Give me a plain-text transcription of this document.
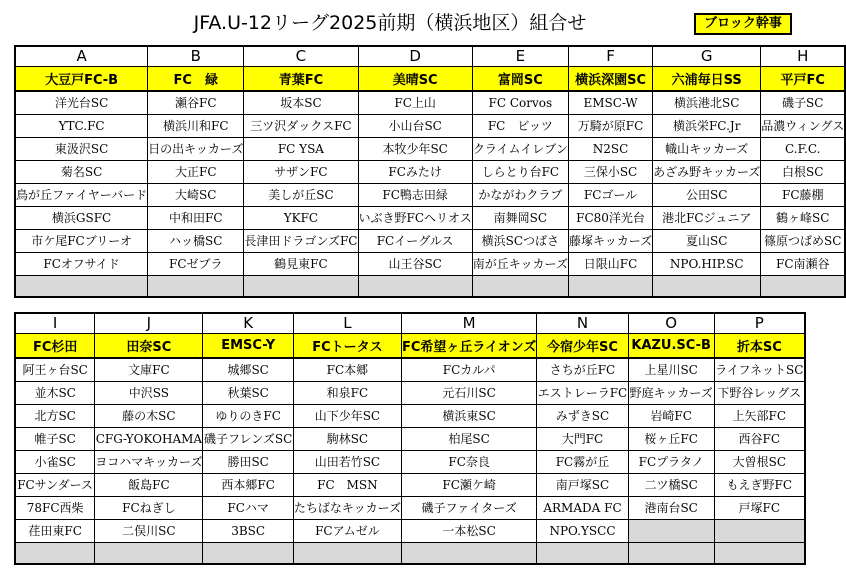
JFA.U-12リーグ2025前期（横浜地区）組合せ	ブロック幹事
A	B	C	D	E	F	G	H
大豆戸FC-B	FC　緑	青葉FC	美晴SC	富岡SC	横浜深園SC	六浦毎日SS	平戸FC
洋光台SC	瀬谷FC	坂本SC	FC上山	FC Corvos	EMSC-W	横浜港北SC	磯子SC
YTC.FC	横浜川和FC	三ツ沢ダックスFC	小山台SC	FC　ビッツ	万騎が原FC	横浜栄FC.Jr	品濃ウィングス
東汲沢SC	日の出キッカーズ	FC YSA	本牧少年SC	クライムイレブン	N2SC	幟山キッカーズ	C.F.C.
菊名SC	大正FC	サザンFC	FCみたけ	しらとり台FC	三保小SC	あざみ野キッカーズ	白根SC
鳥が丘ファイヤーバード	大崎SC	美しが丘SC	FC鴨志田緑	かながわクラブ	FCゴール	公田SC	FC藤棚
横浜GSFC	中和田FC	YKFC	いぶき野FCヘリオス	南舞岡SC	FC80洋光台	港北FCジュニア	鶴ヶ峰SC
市ケ尾FCブリーオ	ハッ橋SC	長津田ドラゴンズFC	FCイーグルス	横浜SCつばさ	藤塚キッカーズ	夏山SC	篠原つばめSC
FCオフサイド	FCゼブラ	鶴見東FC	山王谷SC	南が丘キッカーズ	日限山FC	NPO.HIP.SC	FC南瀬谷

I	J	K	L	M	N	O	P
FC杉田	田奈SC	EMSC-Y	FCトータス	FC希望ヶ丘ライオンズ	今宿少年SC	KAZU.SC-B	折本SC
阿王ヶ台SC	文庫FC	城郷SC	FC本郷	FCカルパ	さちが丘FC	上星川SC	ライフネットSC
並木SC	中沢SS	秋葉SC	和泉FC	元石川SC	エストレーラFC	野庭キッカーズ	下野谷レッグス
北方SC	藤の木SC	ゆりのきFC	山下少年SC	横浜東SC	みずきSC	岩崎FC	上矢部FC
帷子SC	CFG-YOKOHAMA	磯子フレンズSC	駒林SC	柏尾SC	大門FC	桜ヶ丘FC	西谷FC
小雀SC	ヨコハマキッカーズ	勝田SC	山田若竹SC	FC奈良	FC霧が丘	FCプラタノ	大曽根SC
FCサンダース	飯島FC	西本郷FC	FC　MSN	FC瀬ケ崎	南戸塚SC	二ツ橋SC	もえぎ野FC
78FC西柴	FCねぎし	FCハマ	たちばなキッカーズ	磯子ファイターズ	ARMADA FC	港南台SC	戸塚FC
荏田東FC	二俣川SC	3BSC	FCアムゼル	一本松SC	NPO.YSCC		
